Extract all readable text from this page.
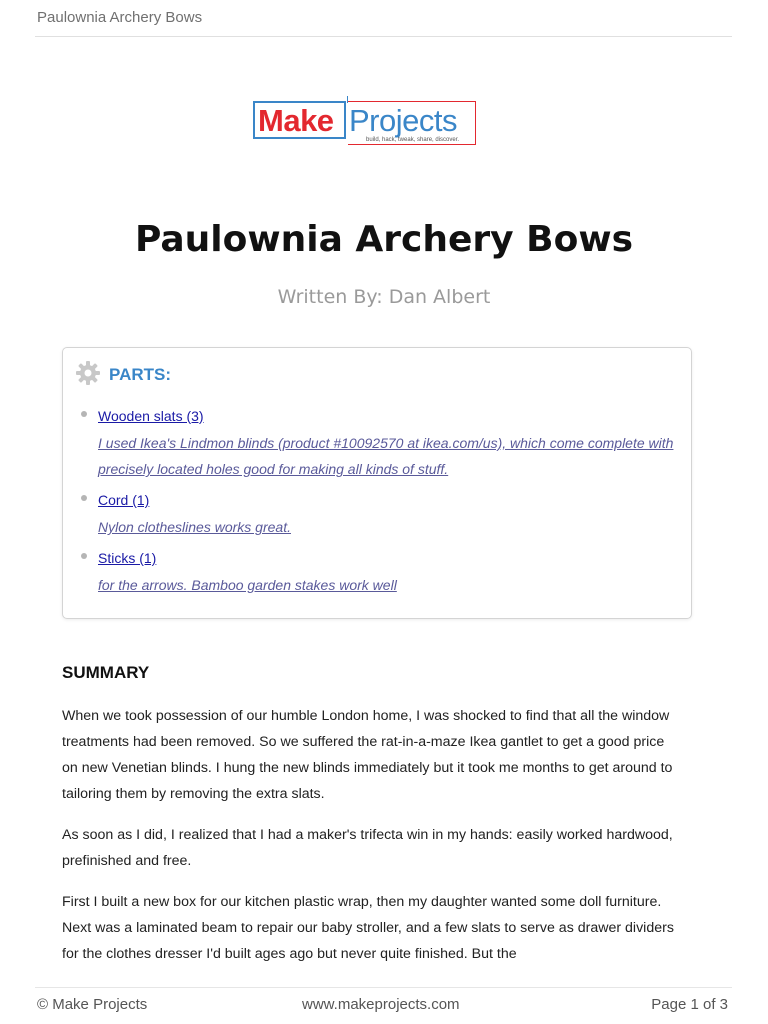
Paulownia Archery Bows
Make Projects
build, hack, tweak, share, discover.
Paulownia Archery Bows
Written By: Dan Albert
PARTS:
Wooden slats (3)
I used Ikea's Lindmon blinds (product #10092570 at ikea.com/us), which come complete with precisely located holes good for making all kinds of stuff.
Cord (1)
Nylon clotheslines works great.
Sticks (1)
for the arrows. Bamboo garden stakes work well
SUMMARY

When we took possession of our humble London home, I was shocked to find that all the window treatments had been removed. So we suffered the rat-in-a-maze Ikea gantlet to get a good price on new Venetian blinds. I hung the new blinds immediately but it took me months to get around to tailoring them by removing the extra slats.

As soon as I did, I realized that I had a maker's trifecta win in my hands: easily worked hardwood, prefinished and free.

First I built a new box for our kitchen plastic wrap, then my daughter wanted some doll furniture. Next was a laminated beam to repair our baby stroller, and a few slats to serve as drawer dividers for the clothes dresser I'd built ages ago but never quite finished. But the

© Make Projects	www.makeprojects.com	Page 1 of 3
